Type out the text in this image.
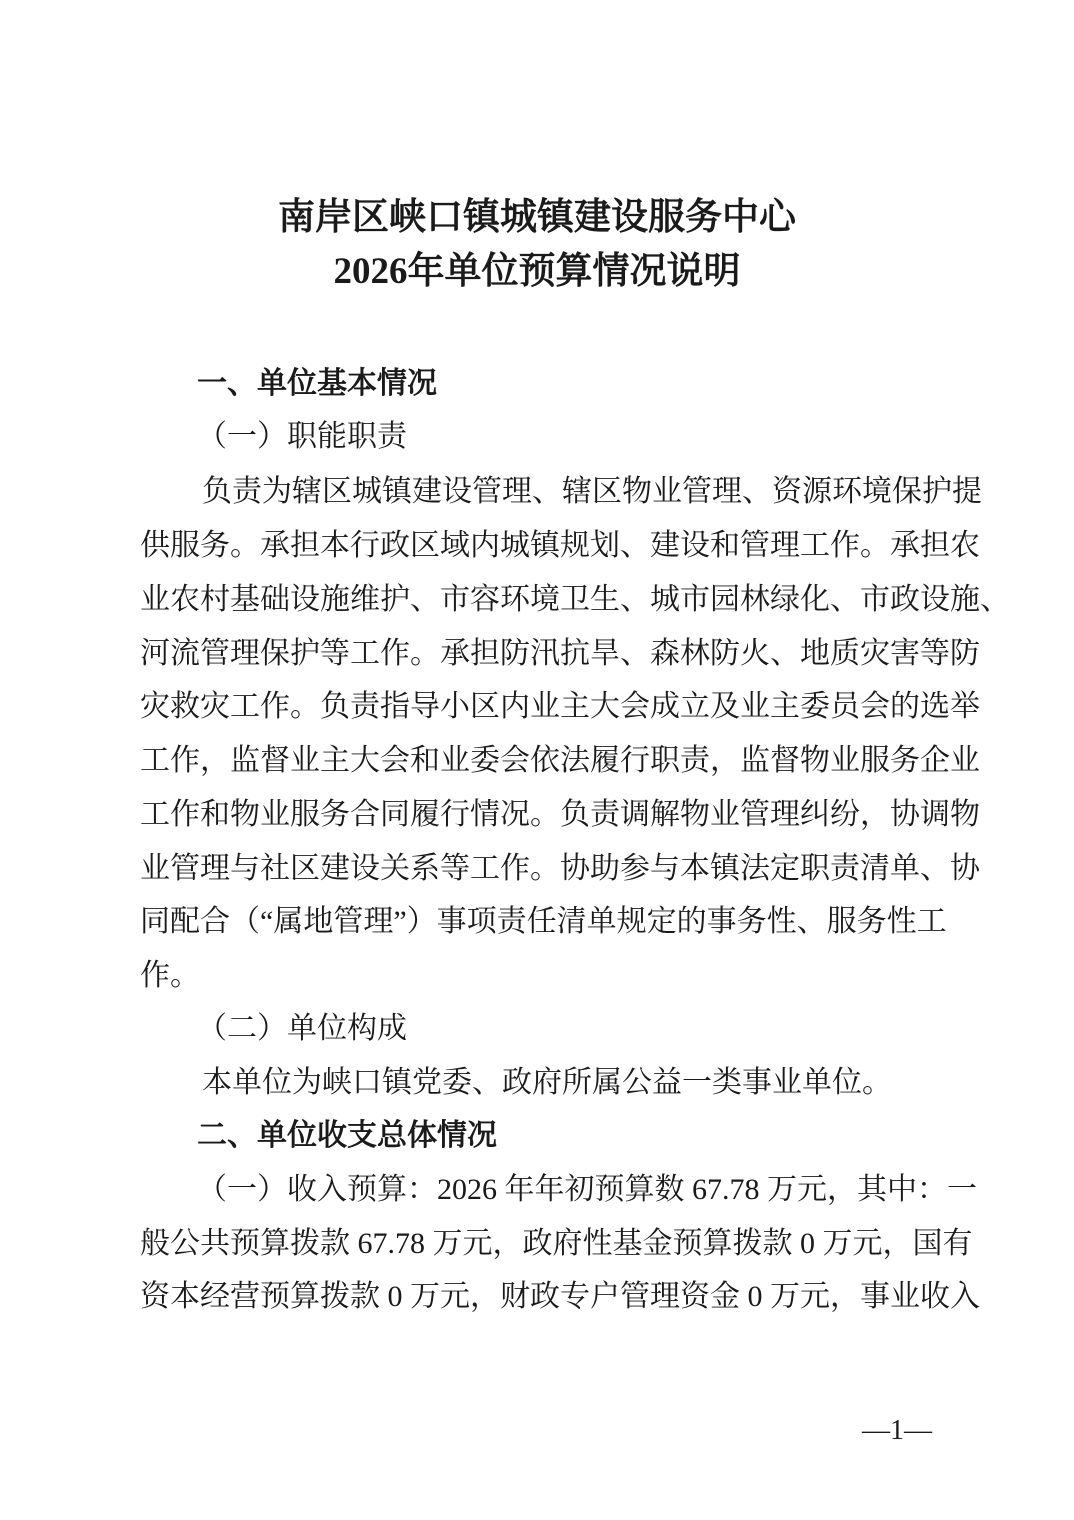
南岸区峡口镇城镇建设服务中心
2026年单位预算情况说明
一、单位基本情况
（一）职能职责
负责为辖区城镇建设管理、辖区物业管理、资源环境保护提
供服务。承担本行政区域内城镇规划、建设和管理工作。承担农
业农村基础设施维护、市容环境卫生、城市园林绿化、市政设施、
河流管理保护等工作。承担防汛抗旱、森林防火、地质灾害等防
灾救灾工作。负责指导小区内业主大会成立及业主委员会的选举
工作，监督业主大会和业委会依法履行职责，监督物业服务企业
工作和物业服务合同履行情况。负责调解物业管理纠纷，协调物
业管理与社区建设关系等工作。协助参与本镇法定职责清单、协
同配合（“属地管理”）事项责任清单规定的事务性、服务性工
作。
（二）单位构成
本单位为峡口镇党委、政府所属公益一类事业单位。
二、单位收支总体情况
（一）收入预算：2026 年年初预算数 67.78 万元，其中：一
般公共预算拨款 67.78 万元，政府性基金预算拨款 0 万元，国有
资本经营预算拨款 0 万元，财政专户管理资金 0 万元，事业收入
—1—
